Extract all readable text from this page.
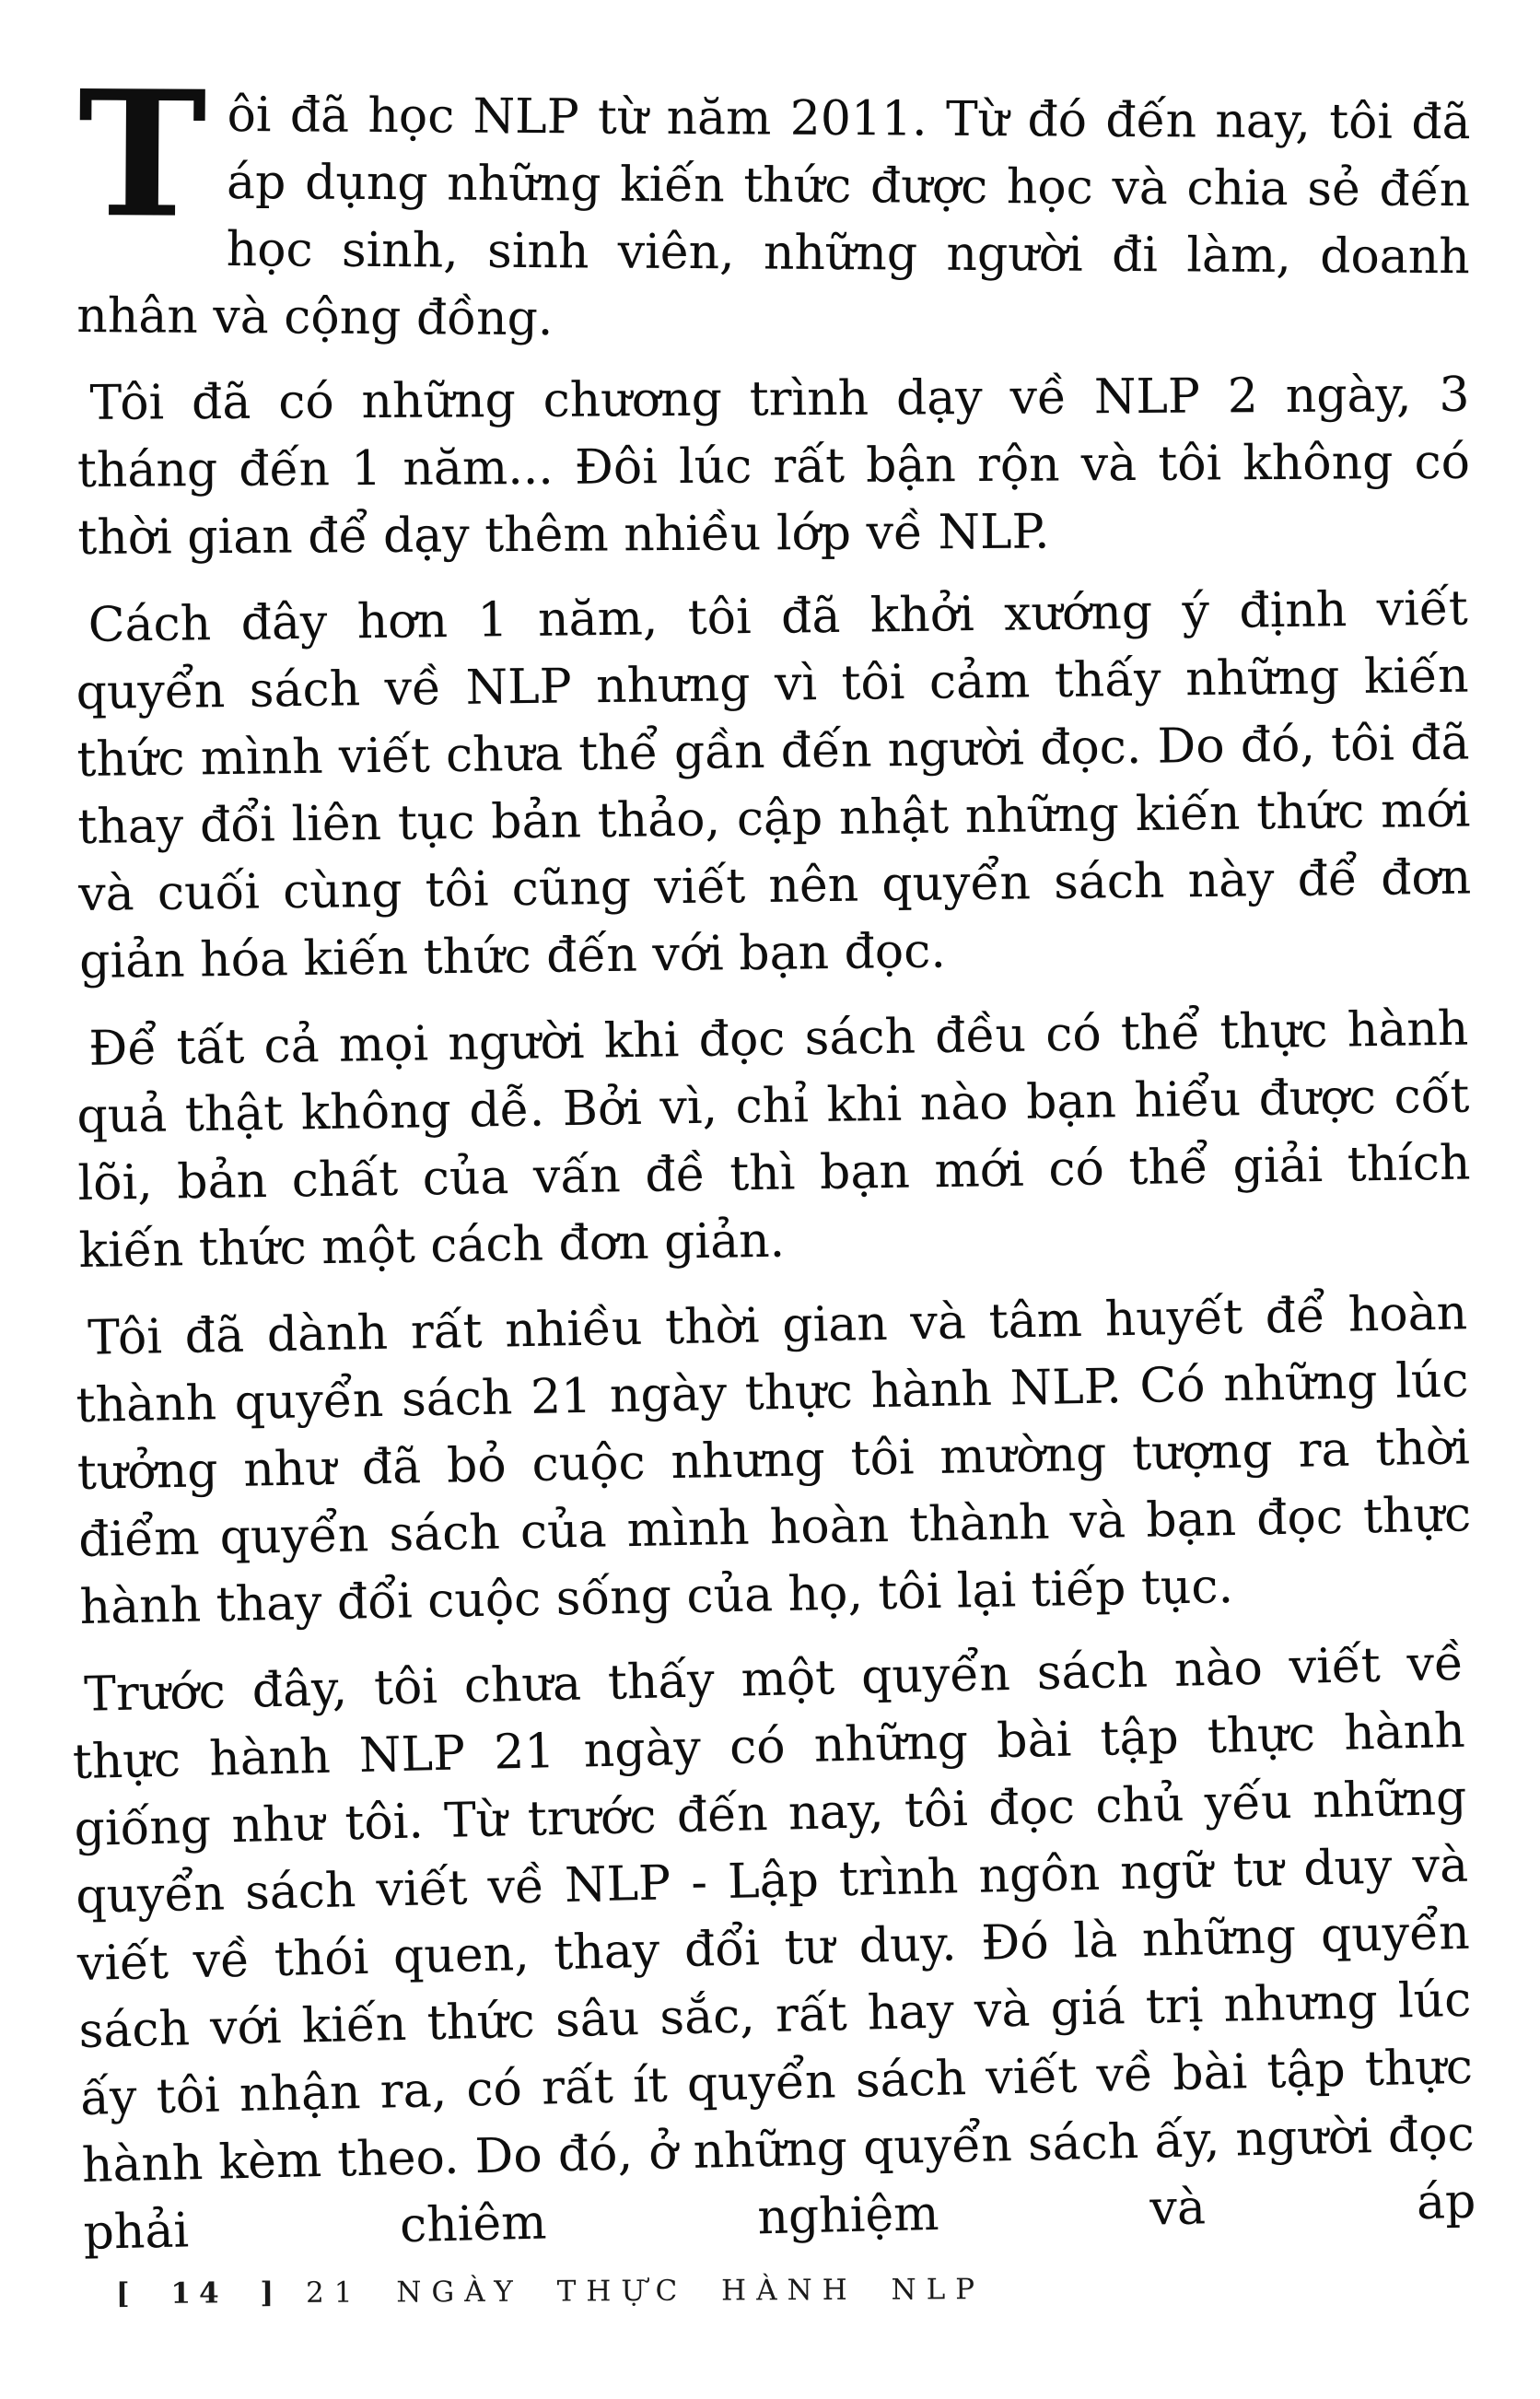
Tôi đã học NLP từ năm 2011. Từ đó đến nay, tôi đã áp dụng những kiến thức được học và chia sẻ đến học sinh, sinh viên, những người đi làm, doanh nhân và cộng đồng.

Tôi đã có những chương trình dạy về NLP 2 ngày, 3 tháng đến 1 năm... Đôi lúc rất bận rộn và tôi không có thời gian để dạy thêm nhiều lớp về NLP.

Cách đây hơn 1 năm, tôi đã khởi xướng ý định viết quyển sách về NLP nhưng vì tôi cảm thấy những kiến thức mình viết chưa thể gần đến người đọc. Do đó, tôi đã thay đổi liên tục bản thảo, cập nhật những kiến thức mới và cuối cùng tôi cũng viết nên quyển sách này để đơn giản hóa kiến thức đến với bạn đọc.

Để tất cả mọi người khi đọc sách đều có thể thực hành quả thật không dễ. Bởi vì, chỉ khi nào bạn hiểu được cốt lõi, bản chất của vấn đề thì bạn mới có thể giải thích kiến thức một cách đơn giản.

Tôi đã dành rất nhiều thời gian và tâm huyết để hoàn thành quyển sách 21 ngày thực hành NLP. Có những lúc tưởng như đã bỏ cuộc nhưng tôi mường tượng ra thời điểm quyển sách của mình hoàn thành và bạn đọc thực hành thay đổi cuộc sống của họ, tôi lại tiếp tục.

Trước đây, tôi chưa thấy một quyển sách nào viết về thực hành NLP 21 ngày có những bài tập thực hành giống như tôi. Từ trước đến nay, tôi đọc chủ yếu những quyển sách viết về NLP - Lập trình ngôn ngữ tư duy và viết về thói quen, thay đổi tư duy. Đó là những quyển sách với kiến thức sâu sắc, rất hay và giá trị nhưng lúc ấy tôi nhận ra, có rất ít quyển sách viết về bài tập thực hành kèm theo. Do đó, ở những quyển sách ấy, người đọc phải chiêm nghiệm và áp

[ 14 ] 21 NGÀY THỰC HÀNH NLP
